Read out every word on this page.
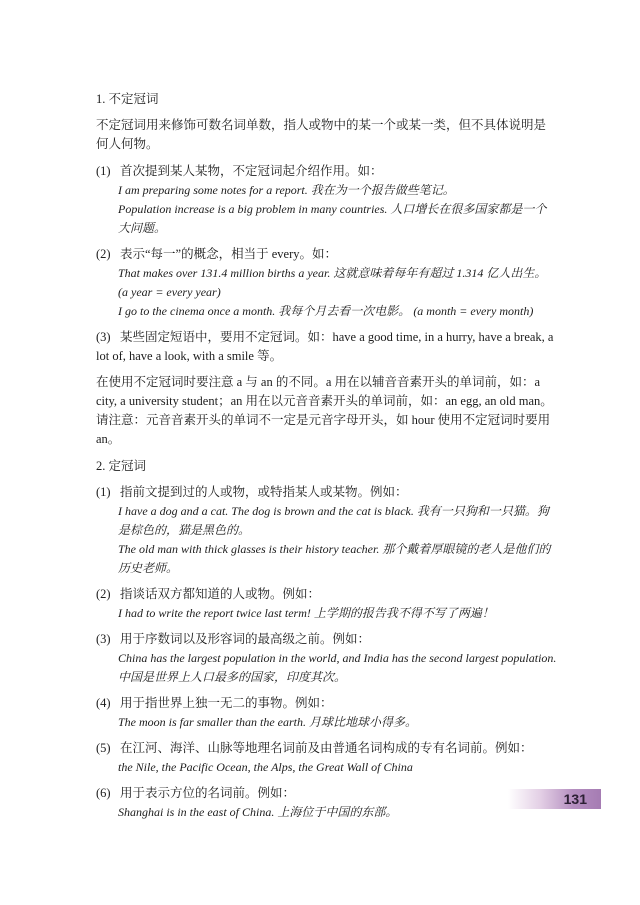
1. 不定冠词
不定冠词用来修饰可数名词单数，指人或物中的某一个或某一类，但不具体说明是何人何物。
(1) 首次提到某人某物，不定冠词起介绍作用。如：
I am preparing some notes for a report. 我在为一个报告做些笔记。
Population increase is a big problem in many countries. 人口增长在很多国家都是一个大问题。
(2) 表示“每一”的概念，相当于 every。如：
That makes over 131.4 million births a year. 这就意味着每年有超过 1.314 亿人出生。
(a year = every year)
I go to the cinema once a month. 我每个月去看一次电影。 (a month = every month)
(3) 某些固定短语中，要用不定冠词。如：have a good time, in a hurry, have a break, a lot of, have a look, with a smile 等。
在使用不定冠词时要注意 a 与 an 的不同。a 用在以辅音音素开头的单词前，如：a city, a university student；an 用在以元音音素开头的单词前，如：an egg, an old man。请注意：元音音素开头的单词不一定是元音字母开头，如 hour 使用不定冠词时要用 an。
2. 定冠词
(1) 指前文提到过的人或物，或特指某人或某物。例如：
I have a dog and a cat. The dog is brown and the cat is black. 我有一只狗和一只猫。狗是棕色的，猫是黑色的。
The old man with thick glasses is their history teacher. 那个戴着厚眼镜的老人是他们的历史老师。
(2) 指谈话双方都知道的人或物。例如：
I had to write the report twice last term! 上学期的报告我不得不写了两遍！
(3) 用于序数词以及形容词的最高级之前。例如：
China has the largest population in the world, and India has the second largest population. 中国是世界上人口最多的国家，印度其次。
(4) 用于指世界上独一无二的事物。例如：
The moon is far smaller than the earth. 月球比地球小得多。
(5) 在江河、海洋、山脉等地理名词前及由普通名词构成的专有名词前。例如：
the Nile, the Pacific Ocean, the Alps, the Great Wall of China
(6) 用于表示方位的名词前。例如：
Shanghai is in the east of China. 上海位于中国的东部。
131
